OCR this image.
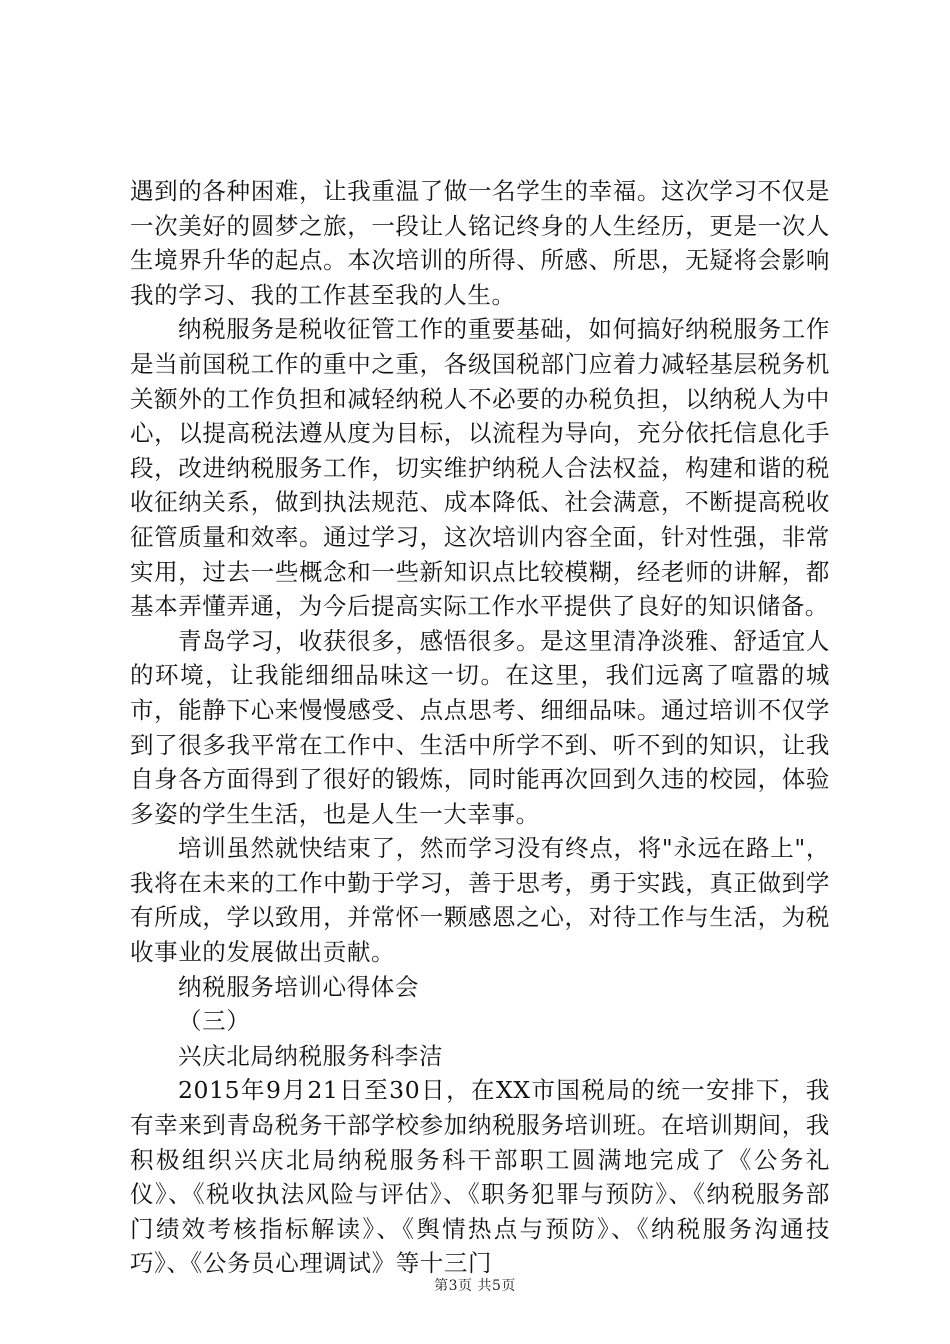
遇到的各种困难，让我重温了做一名学生的幸福。这次学习不仅是一次美好的圆梦之旅，一段让人铭记终身的人生经历，更是一次人生境界升华的起点。本次培训的所得、所感、所思，无疑将会影响我的学习、我的工作甚至我的人生。

纳税服务是税收征管工作的重要基础，如何搞好纳税服务工作是当前国税工作的重中之重，各级国税部门应着力减轻基层税务机关额外的工作负担和减轻纳税人不必要的办税负担，以纳税人为中心，以提高税法遵从度为目标，以流程为导向，充分依托信息化手段，改进纳税服务工作，切实维护纳税人合法权益，构建和谐的税收征纳关系，做到执法规范、成本降低、社会满意，不断提高税收征管质量和效率。通过学习，这次培训内容全面，针对性强，非常实用，过去一些概念和一些新知识点比较模糊，经老师的讲解，都基本弄懂弄通，为今后提高实际工作水平提供了良好的知识储备。

青岛学习，收获很多，感悟很多。是这里清净淡雅、舒适宜人的环境，让我能细细品味这一切。在这里，我们远离了喧嚣的城市，能静下心来慢慢感受、点点思考、细细品味。通过培训不仅学到了很多我平常在工作中、生活中所学不到、听不到的知识，让我自身各方面得到了很好的锻炼，同时能再次回到久违的校园，体验多姿的学生生活，也是人生一大幸事。

培训虽然就快结束了，然而学习没有终点，将"永远在路上"，我将在未来的工作中勤于学习，善于思考，勇于实践，真正做到学有所成，学以致用，并常怀一颗感恩之心，对待工作与生活，为税收事业的发展做出贡献。

纳税服务培训心得体会

（三）

兴庆北局纳税服务科李洁

2015年9月21日至30日，在XX市国税局的统一安排下，我有幸来到青岛税务干部学校参加纳税服务培训班。在培训期间，我积极组织兴庆北局纳税服务科干部职工圆满地完成了《公务礼仪》、《税收执法风险与评估》、《职务犯罪与预防》、《纳税服务部门绩效考核指标解读》、《舆情热点与预防》、《纳税服务沟通技巧》、《公务员心理调试》等十三门

第3页 共5页
